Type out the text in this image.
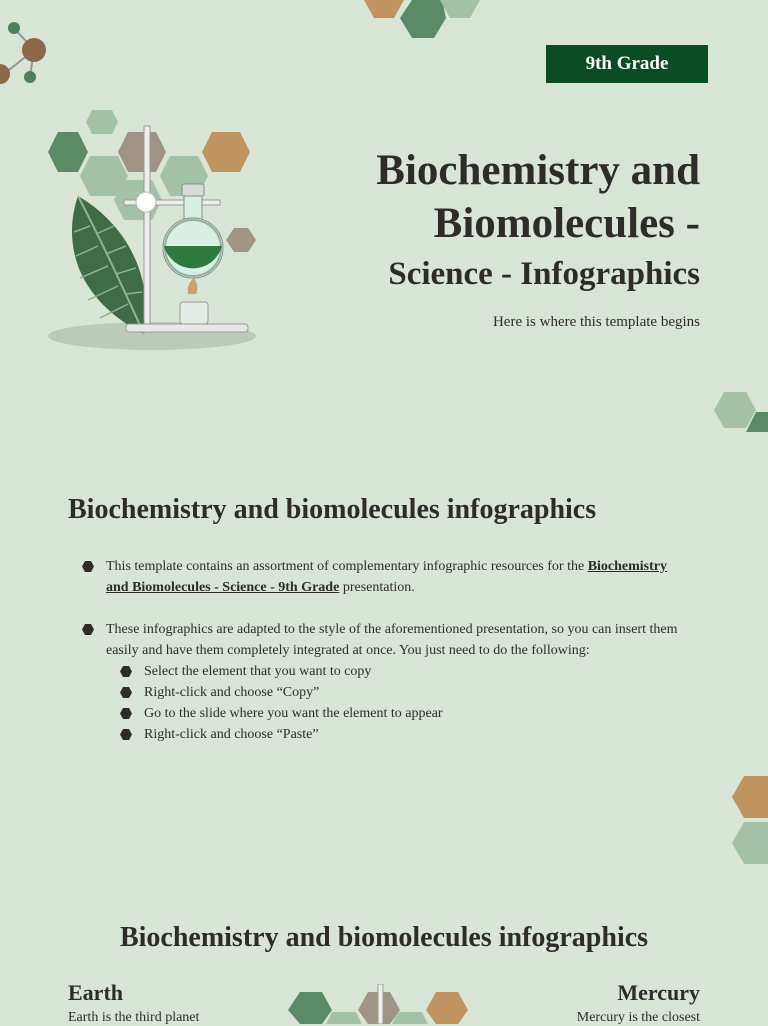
9th Grade
Biochemistry and Biomolecules -
Science - Infographics
Here is where this template begins
Biochemistry and biomolecules infographics
This template contains an assortment of complementary infographic resources for the Biochemistry and Biomolecules - Science - 9th Grade presentation.
These infographics are adapted to the style of the aforementioned presentation, so you can insert them easily and have them completely integrated at once. You just need to do the following:
Select the element that you want to copy
Right-click and choose “Copy”
Go to the slide where you want the element to appear
Right-click and choose “Paste”
Biochemistry and biomolecules infographics
Earth
Earth is the third planet
Mercury
Mercury is the closest
